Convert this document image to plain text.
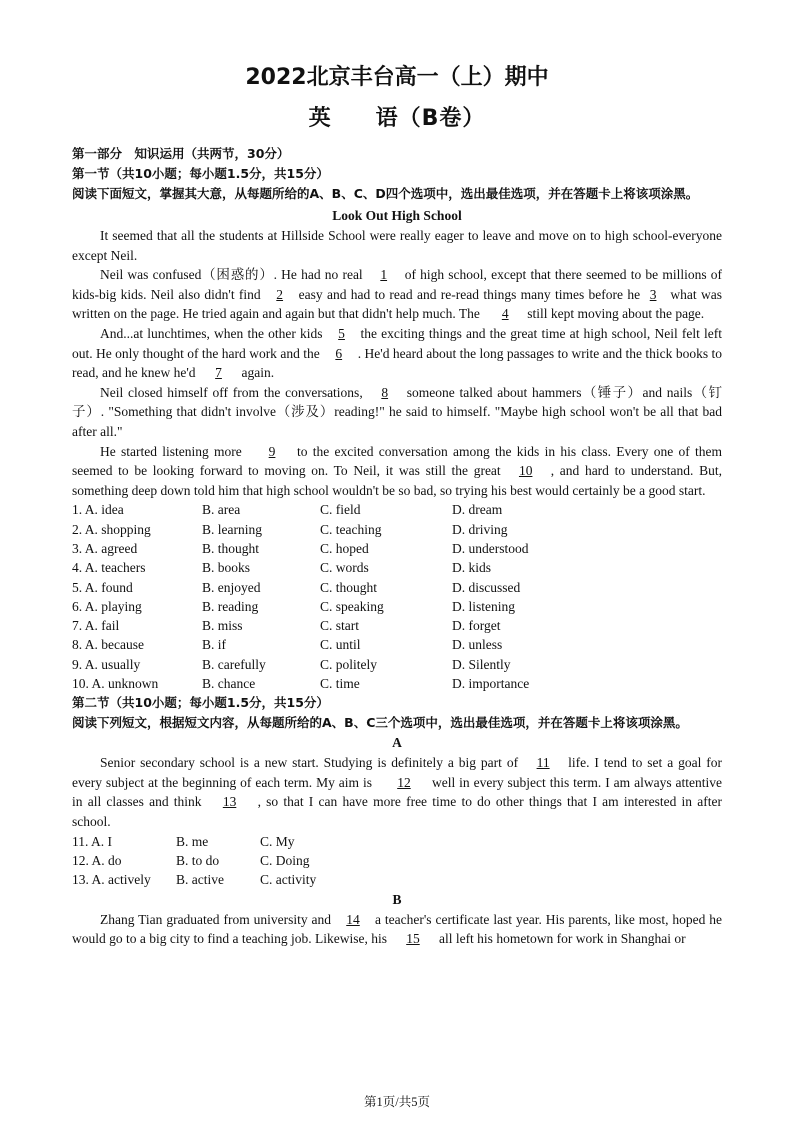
2022北京丰台高一（上）期中
英 语（B卷）
第一部分　知识运用（共两节，30分）
第一节（共10小题；每小题1.5分，共15分）
阅读下面短文，掌握其大意，从每题所给的A、B、C、D四个选项中，选出最佳选项，并在答题卡上将该项涂黑。
Look Out High School

It seemed that all the students at Hillside School were really eager to leave and move on to high school-everyone except Neil.

Neil was confused（困惑的）. He had no real 1 of high school, except that there seemed to be millions of kids-big kids. Neil also didn't find 2 easy and had to read and re-read things many times before he 3 what was written on the page. He tried again and again but that didn't help much. The 4 still kept moving about the page.

And...at lunchtimes, when the other kids 5 the exciting things and the great time at high school, Neil felt left out. He only thought of the hard work and the 6 . He'd heard about the long passages to write and the thick books to read, and he knew he'd 7 again.

Neil closed himself off from the conversations, 8 someone talked about hammers（锤子）and nails（钉子）. "Something that didn't involve（涉及）reading!" he said to himself. "Maybe high school won't be all that bad after all."

He started listening more 9 to the excited conversation among the kids in his class. Every one of them seemed to be looking forward to moving on. To Neil, it was still the great 10 , and hard to understand. But, something deep down told him that high school wouldn't be so bad, so trying his best would certainly be a good start.

1. A. idea	B. area	C. field	D. dream
2. A. shopping	B. learning	C. teaching	D. driving
3. A. agreed	B. thought	C. hoped	D. understood
4. A. teachers	B. books	C. words	D. kids
5. A. found	B. enjoyed	C. thought	D. discussed
6. A. playing	B. reading	C. speaking	D. listening
7. A. fail	B. miss	C. start	D. forget
8. A. because	B. if	C. until	D. unless
9. A. usually	B. carefully	C. politely	D. Silently
10. A. unknown	B. chance	C. time	D. importance
第二节（共10小题；每小题1.5分，共15分）
阅读下列短文，根据短文内容，从每题所给的A、B、C三个选项中，选出最佳选项，并在答题卡上将该项涂黑。
A

Senior secondary school is a new start. Studying is definitely a big part of 11 life. I tend to set a goal for every subject at the beginning of each term. My aim is 12 well in every subject this term. I am always attentive in all classes and think 13 , so that I can have more free time to do other things that I am interested in after school.

11. A. I	B. me	C. My
12. A. do	B. to do	C. Doing
13. A. actively	B. active	C. activity
B

Zhang Tian graduated from university and 14 a teacher's certificate last year. His parents, like most, hoped he would go to a big city to find a teaching job. Likewise, his 15 all left his hometown for work in Shanghai or

第1页/共5页
